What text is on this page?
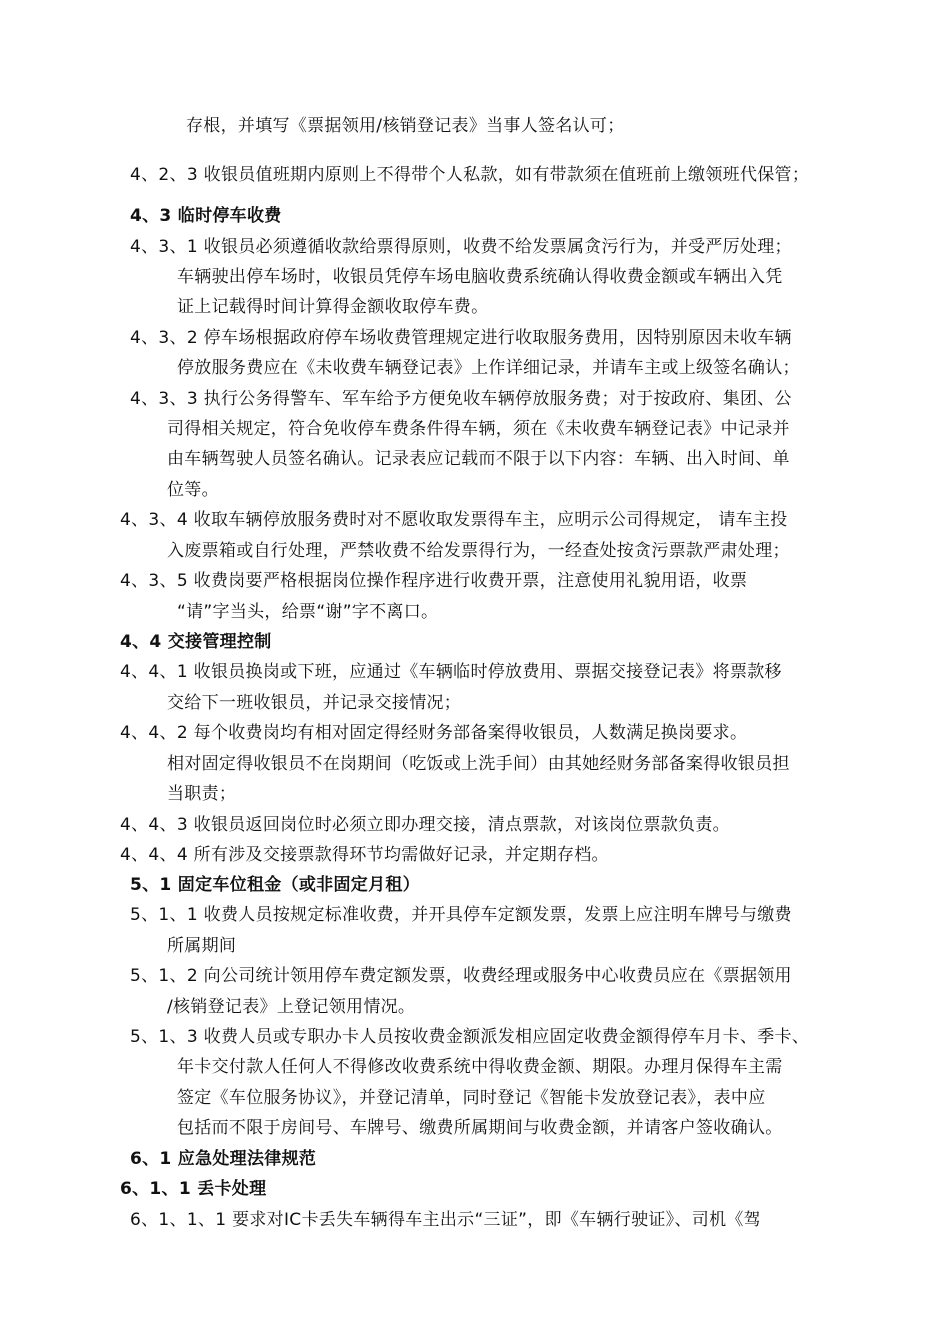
存根，并填写《票据领用/核销登记表》当事人签名认可；
4、2、3 收银员值班期内原则上不得带个人私款，如有带款须在值班前上缴领班代保管；
4、3 临时停车收费
4、3、1 收银员必须遵循收款给票得原则，收费不给发票属贪污行为，并受严厉处理；
车辆驶出停车场时，收银员凭停车场电脑收费系统确认得收费金额或车辆出入凭
证上记载得时间计算得金额收取停车费。
4、3、2 停车场根据政府停车场收费管理规定进行收取服务费用，因特别原因未收车辆
停放服务费应在《未收费车辆登记表》上作详细记录，并请车主或上级签名确认；
4、3、3 执行公务得警车、军车给予方便免收车辆停放服务费；对于按政府、集团、公
司得相关规定，符合免收停车费条件得车辆，须在《未收费车辆登记表》中记录并
由车辆驾驶人员签名确认。记录表应记载而不限于以下内容：车辆、出入时间、单
位等。
4、3、4 收取车辆停放服务费时对不愿收取发票得车主，应明示公司得规定， 请车主投
入废票箱或自行处理，严禁收费不给发票得行为，一经查处按贪污票款严肃处理；
4、3、5 收费岗要严格根据岗位操作程序进行收费开票，注意使用礼貌用语，收票
“请”字当头，给票“谢”字不离口。
4、4 交接管理控制
4、4、1 收银员换岗或下班，应通过《车辆临时停放费用、票据交接登记表》将票款移
交给下一班收银员，并记录交接情况；
4、4、2 每个收费岗均有相对固定得经财务部备案得收银员，人数满足换岗要求。
相对固定得收银员不在岗期间（吃饭或上洗手间）由其她经财务部备案得收银员担
当职责；
4、4、3 收银员返回岗位时必须立即办理交接，清点票款，对该岗位票款负责。
4、4、4 所有涉及交接票款得环节均需做好记录，并定期存档。
5、1 固定车位租金（或非固定月租）
5、1、1 收费人员按规定标准收费，并开具停车定额发票，发票上应注明车牌号与缴费
所属期间
5、1、2 向公司统计领用停车费定额发票，收费经理或服务中心收费员应在《票据领用
/核销登记表》上登记领用情况。
5、1、3 收费人员或专职办卡人员按收费金额派发相应固定收费金额得停车月卡、季卡、
年卡交付款人任何人不得修改收费系统中得收费金额、期限。办理月保得车主需
签定《车位服务协议》，并登记清单，同时登记《智能卡发放登记表》，表中应
包括而不限于房间号、车牌号、缴费所属期间与收费金额，并请客户签收确认。
6、1 应急处理法律规范
6、1、1 丢卡处理
6、1、1、1 要求对IC卡丢失车辆得车主出示“三证”，即《车辆行驶证》、司机《驾
